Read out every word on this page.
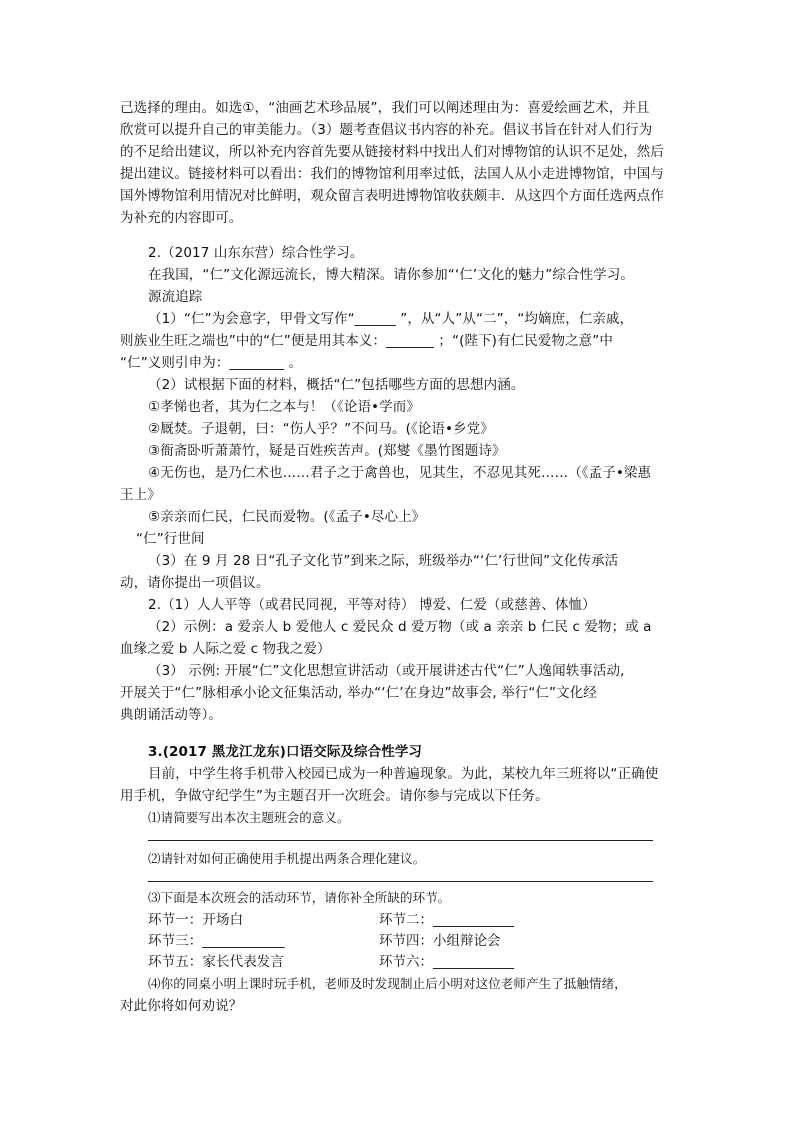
己选择的理由。如选①，“油画艺术珍品展”，我们可以阐述理由为：喜爱绘画艺术，并且
欣赏可以提升自己的审美能力。（3）题考查倡议书内容的补充。倡议书旨在针对人们行为
的不足给出建议，所以补充内容首先要从链接材料中找出人们对博物馆的认识不足处，然后
提出建议。链接材料可以看出：我们的博物馆利用率过低，法国人从小走进博物馆，中国与
国外博物馆利用情况对比鲜明，观众留言表明进博物馆收获颇丰．从这四个方面任选两点作
为补充的内容即可。
2.（2017 山东东营）综合性学习。
在我国，“仁”文化源远流长，博大精深。请你参加“‘仁’文化的魅力”综合性学习。
源流追踪
（1）“仁”为会意字，甲骨文写作“______ ”，从“人”从“二”，“均嫡庶，仁亲戚，
则族业生旺之端也”中的“仁”便是用其本义：_______ ；“(陛下)有仁民爱物之意”中
“仁”义则引申为：________ 。
（2）试根据下面的材料，概括“仁”包括哪些方面的思想内涵。
①孝悌也者，其为仁之本与！（《论语•学而》
②厩焚。子退朝，曰：“伤人乎？”不问马。(《论语•乡党》
③衙斋卧听萧萧竹，疑是百姓疾苦声。(郑燮《墨竹图题诗》
④无伤也，是乃仁术也……君子之于禽兽也，见其生，不忍见其死……（《孟子•梁惠
王上》
⑤亲亲而仁民，仁民而爱物。(《孟子•尽心上》
“仁”行世间
（3）在 9 月 28 日“孔子文化节”到来之际，班级举办“‘仁’行世间”文化传承活
动，请你提出一项倡议。
2.（1）人人平等（或君民同视，平等对待） 博爱、仁爱（或慈善、体恤）
（2）示例：a 爱亲人 b 爱他人 c 爱民众 d 爱万物（或 a 亲亲 b 仁民 c 爱物；或 a
血缘之爱 b 人际之爱 c 物我之爱）
（3） 示例: 开展“仁”文化思想宣讲活动（或开展讲述古代“仁”人逸闻轶事活动,
开展关于“仁”脉相承小论文征集活动, 举办“‘仁’在身边”故事会, 举行“仁”文化经
典朗诵活动等）。
3.(2017 黑龙江龙东)口语交际及综合性学习
目前，中学生将手机带入校园已成为一种普遍现象。为此，某校九年三班将以“正确使
用手机，争做守纪学生”为主题召开一次班会。请你参与完成以下任务。
⑴请简要写出本次主题班会的意义。
⑵请针对如何正确使用手机提出两条合理化建议。
⑶下面是本次班会的活动环节，请你补全所缺的环节。
环节一：开场白	环节二：____________
环节三：____________	环节四：小组辩论会
环节五：家长代表发言	环节六：____________
⑷你的同桌小明上课时玩手机，老师及时发现制止后小明对这位老师产生了抵触情绪，
对此你将如何劝说？
